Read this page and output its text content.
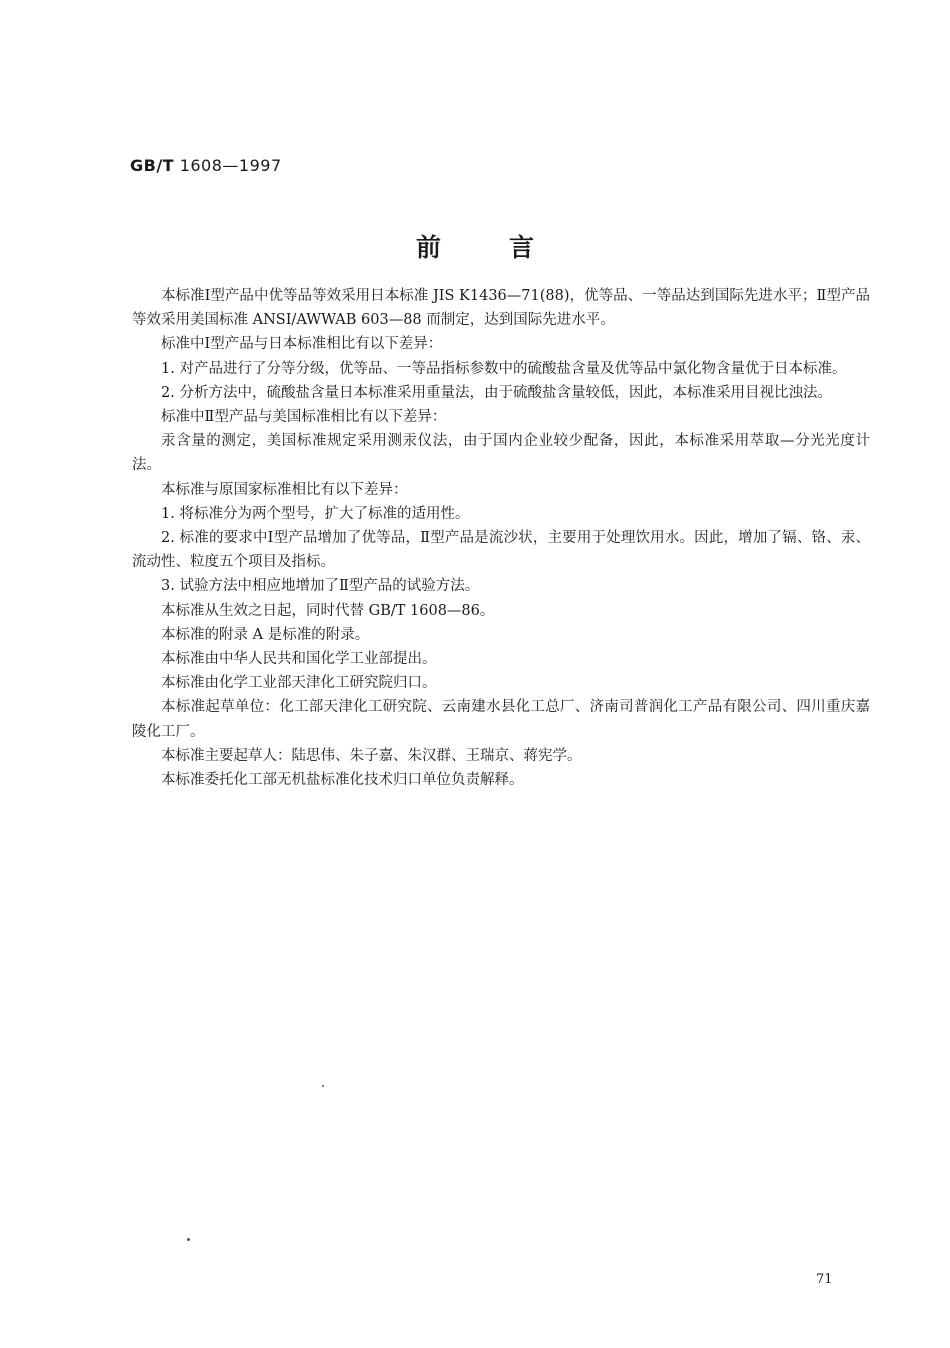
GB/T 1608—1997
前言

本标准Ⅰ型产品中优等品等效采用日本标准 JIS K1436—71(88)，优等品、一等品达到国际先进水平；Ⅱ型产品等效采用美国标准 ANSI/AWWAB 603—88 而制定，达到国际先进水平。

标准中Ⅰ型产品与日本标准相比有以下差异：

1. 对产品进行了分等分级，优等品、一等品指标参数中的硫酸盐含量及优等品中氯化物含量优于日本标准。

2. 分析方法中，硫酸盐含量日本标准采用重量法，由于硫酸盐含量较低，因此，本标准采用目视比浊法。

标准中Ⅱ型产品与美国标准相比有以下差异：

汞含量的测定，美国标准规定采用测汞仪法，由于国内企业较少配备，因此，本标准采用萃取—分光光度计法。

本标准与原国家标准相比有以下差异：

1. 将标准分为两个型号，扩大了标准的适用性。

2. 标准的要求中Ⅰ型产品增加了优等品，Ⅱ型产品是流沙状，主要用于处理饮用水。因此，增加了镉、铬、汞、流动性、粒度五个项目及指标。

3. 试验方法中相应地增加了Ⅱ型产品的试验方法。

本标准从生效之日起，同时代替 GB/T 1608—86。

本标准的附录 A 是标准的附录。

本标准由中华人民共和国化学工业部提出。

本标准由化学工业部天津化工研究院归口。

本标准起草单位：化工部天津化工研究院、云南建水县化工总厂、济南司普润化工产品有限公司、四川重庆嘉陵化工厂。

本标准主要起草人：陆思伟、朱子嘉、朱汉群、王瑞京、蒋宪学。

本标准委托化工部无机盐标准化技术归口单位负责解释。

71
